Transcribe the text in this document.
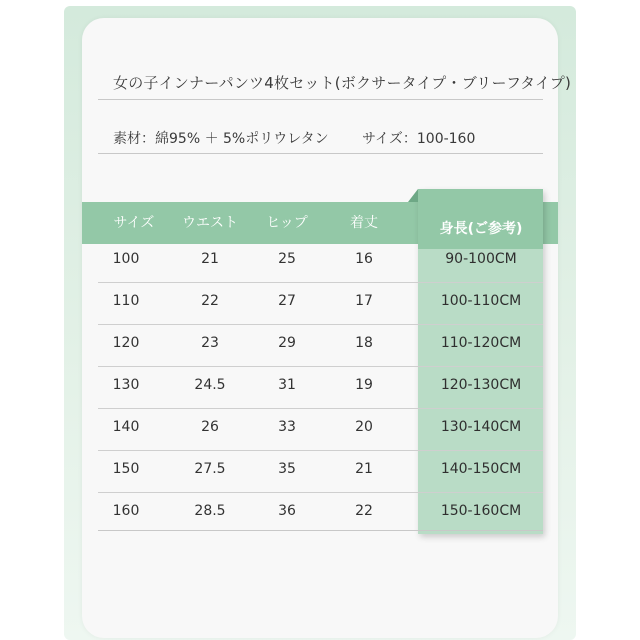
女の子インナーパンツ4枚セット(ボクサータイプ・ブリーフタイプ)
素材：綿95% ＋ 5%ポリウレタン サイズ：100-160
サイズ ウエスト ヒップ	着丈	身長(ご参考)
100	21	25	16	90-100CM
110	22	27	17	100-110CM
120	23	29	18	110-120CM
130	24.5	31	19	120-130CM
140	26	33	20	130-140CM
150	27.5	35	21	140-150CM
160	28.5	36	22	150-160CM
